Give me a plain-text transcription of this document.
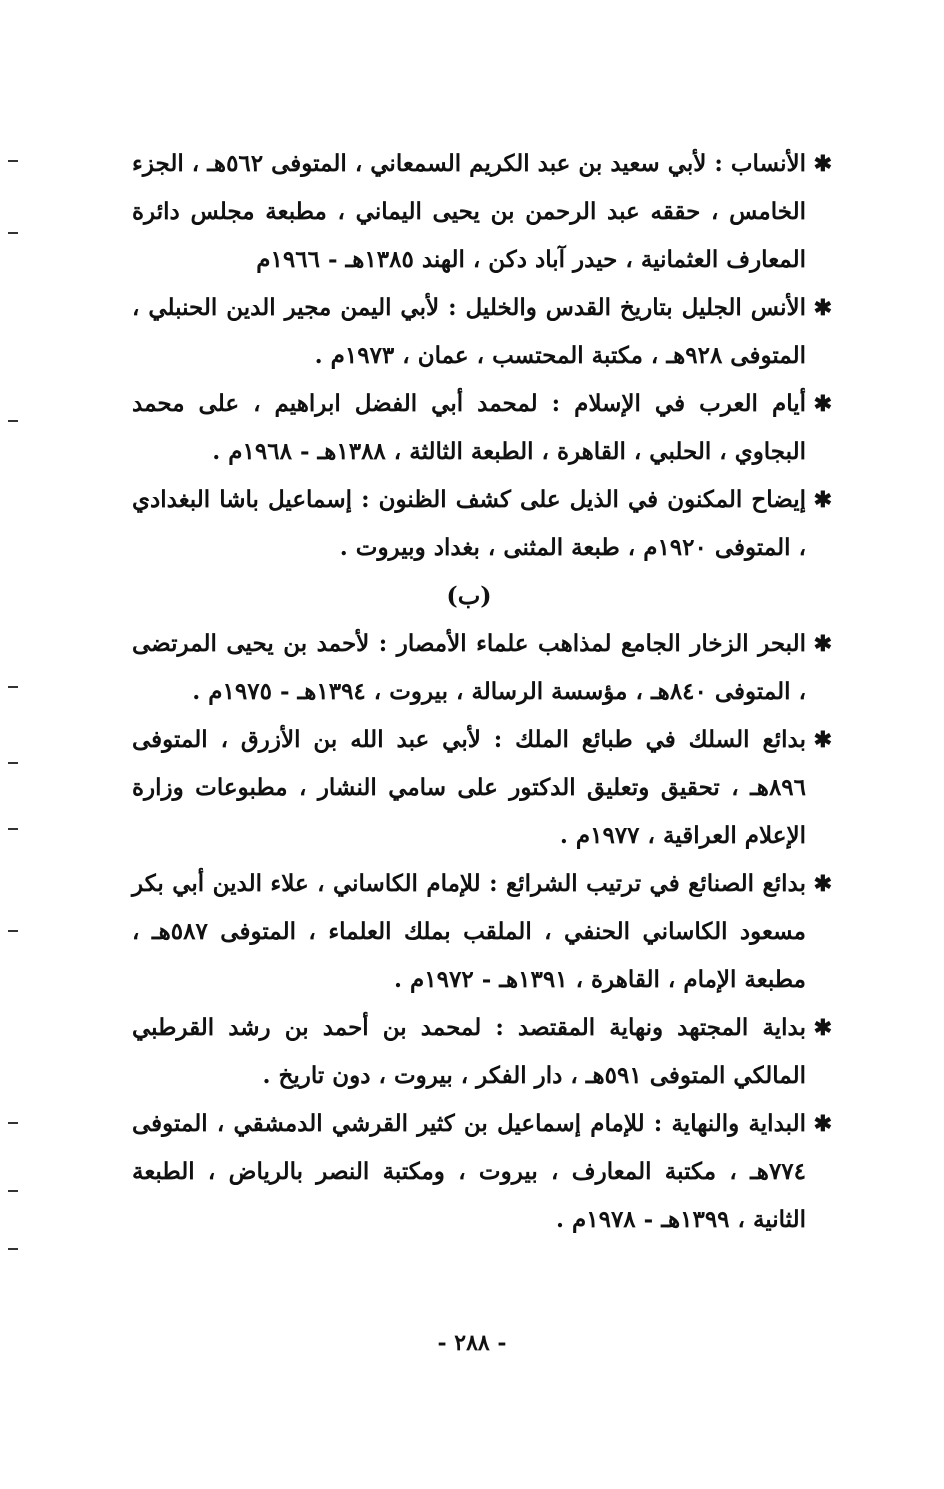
✱
الأنساب : لأبي سعيد بن عبد الكريم السمعاني ، المتوفى ٥٦٢هـ ، الجزء الخامس ، حققه عبد الرحمن بن يحيى اليماني ، مطبعة مجلس دائرة المعارف العثمانية ، حيدر آباد دكن ، الهند ١٣٨٥هـ - ١٩٦٦م
✱
الأنس الجليل بتاريخ القدس والخليل : لأبي اليمن مجير الدين الحنبلي ، المتوفى ٩٢٨هـ ، مكتبة المحتسب ، عمان ، ١٩٧٣م .
✱
أيام العرب في الإسلام : لمحمد أبي الفضل ابراهيم ، على محمد البجاوي ، الحلبي ، القاهرة ، الطبعة الثالثة ، ١٣٨٨هـ - ١٩٦٨م .
✱
إيضاح المكنون في الذيل على كشف الظنون : إسماعيل باشا البغدادي ، المتوفى ١٩٢٠م ، طبعة المثنى ، بغداد وبيروت .

(ب)

✱
البحر الزخار الجامع لمذاهب علماء الأمصار : لأحمد بن يحيى المرتضى ، المتوفى ٨٤٠هـ ، مؤسسة الرسالة ، بيروت ، ١٣٩٤هـ - ١٩٧٥م .
✱
بدائع السلك في طبائع الملك : لأبي عبد الله بن الأزرق ، المتوفى ٨٩٦هـ ، تحقيق وتعليق الدكتور على سامي النشار ، مطبوعات وزارة الإعلام العراقية ، ١٩٧٧م .
✱
بدائع الصنائع في ترتيب الشرائع : للإمام الكاساني ، علاء الدين أبي بكر مسعود الكاساني الحنفي ، الملقب بملك العلماء ، المتوفى ٥٨٧هـ ، مطبعة الإمام ، القاهرة ، ١٣٩١هـ - ١٩٧٢م .
✱
بداية المجتهد ونهاية المقتصد : لمحمد بن أحمد بن رشد القرطبي المالكي المتوفى ٥٩١هـ ، دار الفكر ، بيروت ، دون تاريخ .
✱
البداية والنهاية : للإمام إسماعيل بن كثير القرشي الدمشقي ، المتوفى ٧٧٤هـ ، مكتبة المعارف ، بيروت ، ومكتبة النصر بالرياض ، الطبعة الثانية ، ١٣٩٩هـ - ١٩٧٨م .
- ٢٨٨ -
